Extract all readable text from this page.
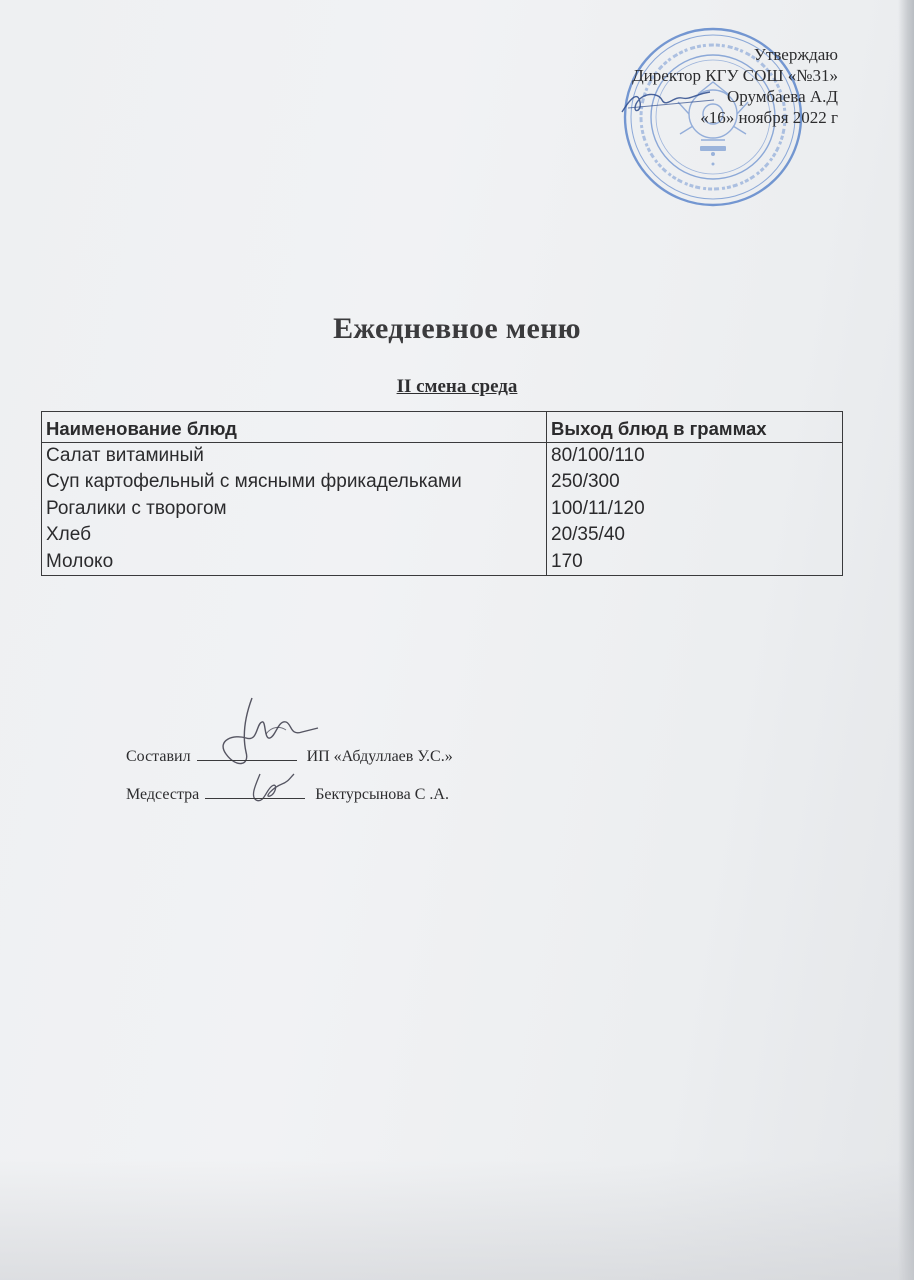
Утверждаю
Директор КГУ СОШ «№31»
Орумбаева А.Д
«16» ноября 2022 г
Ежедневное меню
II смена среда
Наименование блюд	Выход блюд в граммах
Салат витаминый	80/100/110
Суп картофельный с мясными фрикадельками	250/300
Рогалики с творогом	100/11/120
Хлеб	20/35/40
Молоко	170
Составил	ИП «Абдуллаев У.С.»
Медсестра	Бектурсынова С .А.
